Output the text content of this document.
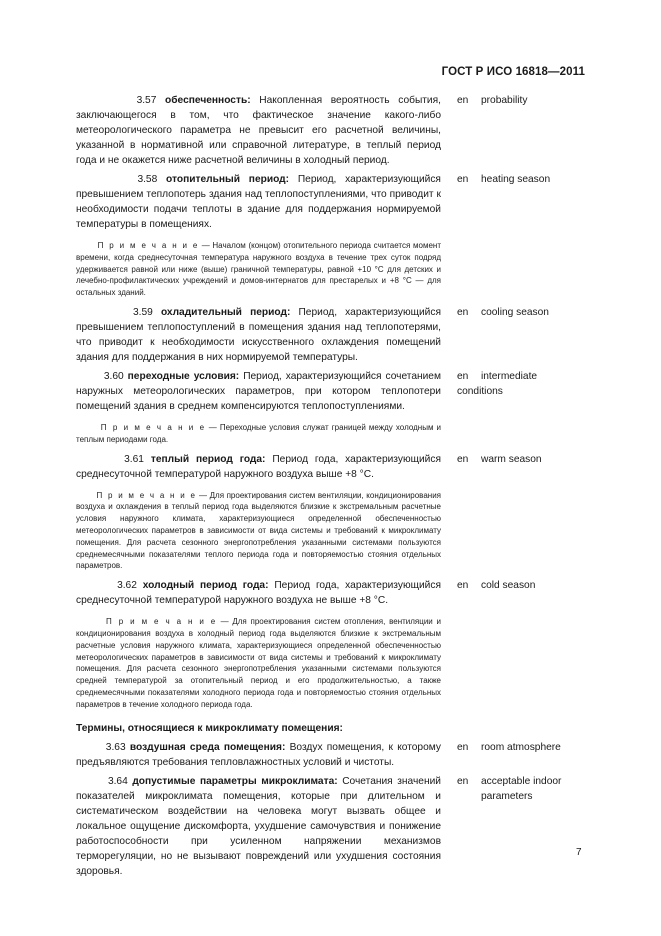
ГОСТ Р ИСО 16818—2011
3.57 обеспеченность: Накопленная вероятность события, заключающегося в том, что фактическое значение какого-либо метеорологического параметра не превысит его расчетной величины, указанной в нормативной или справочной литературе, в теплый период года и не окажется ниже расчетной величины в холодный период.
en probability
3.58 отопительный период: Период, характеризующийся превышением теплопотерь здания над теплопоступлениями, что приводит к необходимости подачи теплоты в здание для поддержания нормируемой температуры в помещениях.
en heating season
П р и м е ч а н и е — Началом (концом) отопительного периода считается момент времени, когда среднесуточная температура наружного воздуха в течение трех суток подряд удерживается равной или ниже (выше) граничной температуры, равной +10 °С для детских и лечебно-профилактических учреждений и домов-интернатов для престарелых и +8 °С — для остальных зданий.
3.59 охладительный период: Период, характеризующийся превышением теплопоступлений в помещения здания над теплопотерями, что приводит к необходимости искусственного охлаждения помещений здания для поддержания в них нормируемой температуры.
en cooling season
3.60 переходные условия: Период, характеризующийся сочетанием наружных метеорологических параметров, при котором теплопотери помещений здания в среднем компенсируются теплопоступлениями.
en intermediate conditions
П р и м е ч а н и е — Переходные условия служат границей между холодным и теплым периодами года.
3.61 теплый период года: Период года, характеризующийся среднесуточной температурой наружного воздуха выше +8 °С.
en warm season
П р и м е ч а н и е — Для проектирования систем вентиляции, кондиционирования воздуха и охлаждения в теплый период года выделяются близкие к экстремальным расчетные условия наружного климата, характеризующиеся определенной обеспеченностью метеорологических параметров в зависимости от вида системы и требований к микроклимату помещения. Для расчета сезонного энергопотребления указанными системами пользуются среднемесячными показателями теплого периода года и повторяемостью стояния отдельных параметров.
3.62 холодный период года: Период года, характеризующийся среднесуточной температурой наружного воздуха не выше +8 °С.
en cold season
П р и м е ч а н и е — Для проектирования систем отопления, вентиляции и кондиционирования воздуха в холодный период года выделяются близкие к экстремальным расчетные условия наружного климата, характеризующиеся определенной обеспеченностью метеорологических параметров в зависимости от вида системы и требований к микроклимату помещения. Для расчета сезонного энергопотребления указанными системами пользуются средней температурой за отопительный период и его продолжительностью, а также среднемесячными показателями холодного периода года и повторяемостью стояния отдельных параметров в течение холодного периода года.
Термины, относящиеся к микроклимату помещения:
3.63 воздушная среда помещения: Воздух помещения, к которому предъявляются требования тепловлажностных условий и чистоты.
en room atmosphere
3.64 допустимые параметры микроклимата: Сочетания значений показателей микроклимата помещения, которые при длительном и систематическом воздействии на человека могут вызвать общее и локальное ощущение дискомфорта, ухудшение самочувствия и понижение работоспособности при усиленном напряжении механизмов терморегуляции, но не вызывают повреждений или ухудшения состояния здоровья.
en acceptable indoor
parameters
7
